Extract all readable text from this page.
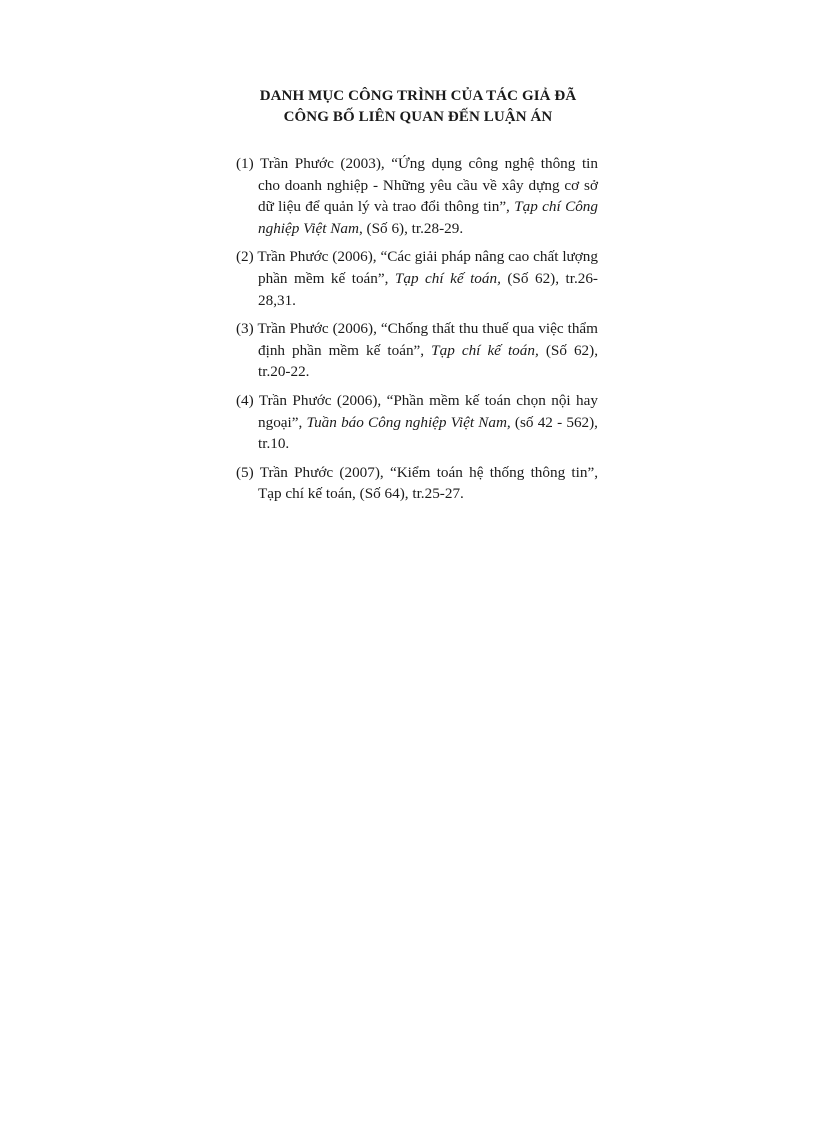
DANH MỤC CÔNG TRÌNH CỦA TÁC GIẢ ĐÃ
CÔNG BỐ LIÊN QUAN ĐẾN LUẬN ÁN
(1) Trần Phước (2003), “Ứng dụng công nghệ thông tin cho doanh nghiệp - Những yêu cầu về xây dựng cơ sở dữ liệu để quản lý và trao đổi thông tin”, Tạp chí Công nghiệp Việt Nam, (Số 6), tr.28-29.
(2) Trần Phước (2006), “Các giải pháp nâng cao chất lượng phần mềm kế toán”, Tạp chí kế toán, (Số 62), tr.26-28,31.
(3) Trần Phước (2006), “Chống thất thu thuế qua việc thẩm định phần mềm kế toán”, Tạp chí kế toán, (Số 62), tr.20-22.
(4) Trần Phước (2006), “Phần mềm kế toán chọn nội hay ngoại”, Tuần báo Công nghiệp Việt Nam, (số 42 - 562), tr.10.
(5) Trần Phước (2007), “Kiểm toán hệ thống thông tin”, Tạp chí kế toán, (Số 64), tr.25-27.
